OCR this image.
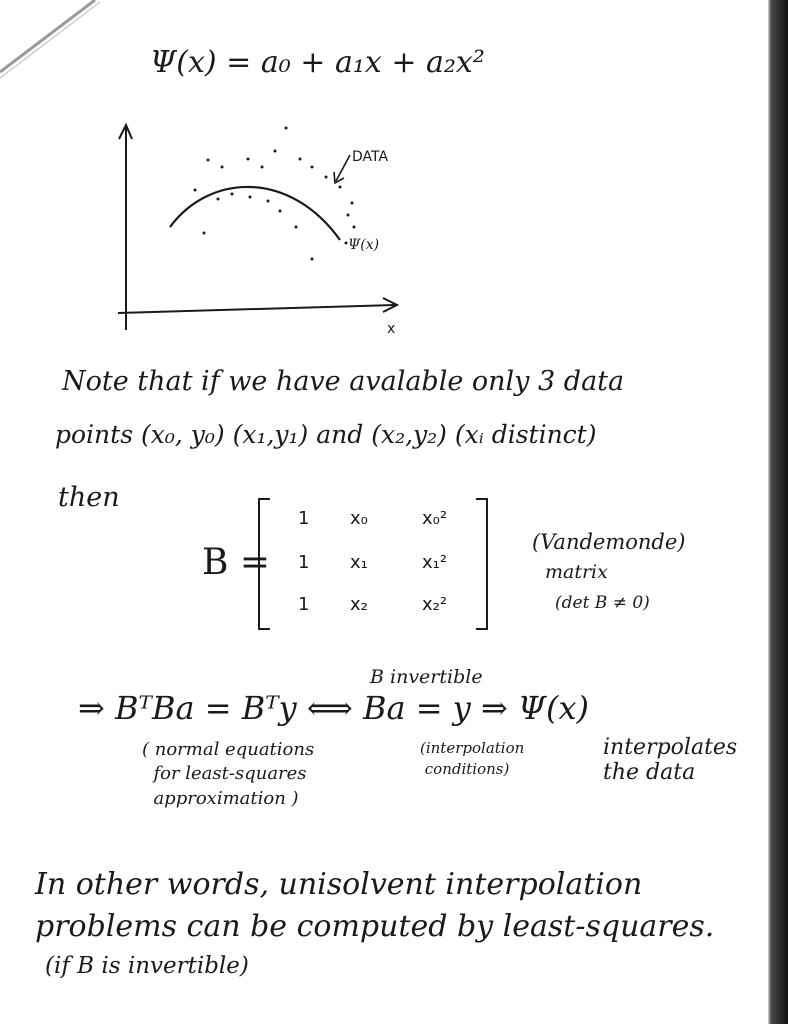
Ψ(x) = a₀ + a₁x + a₂x²
DATA
Ψ(x)
x
Note that if we have avalable only 3 data
points (x₀, y₀) (x₁,y₁) and (x₂,y₂) (xᵢ distinct)
then
B =
1 x₀	x₀²
1 x₁	x₁²
1 x₂	x₂²
(Vandemonde)
matrix
(det B ≠ 0)
B invertible
⇒ BᵀBa = Bᵀy ⟺ Ba = y ⇒ Ψ(x)
( normal equations
for least-squares
approximation )
(interpolation
conditions)
interpolates
the data
In other words, unisolvent interpolation
problems can be computed by least-squares.
(if B is invertible)
